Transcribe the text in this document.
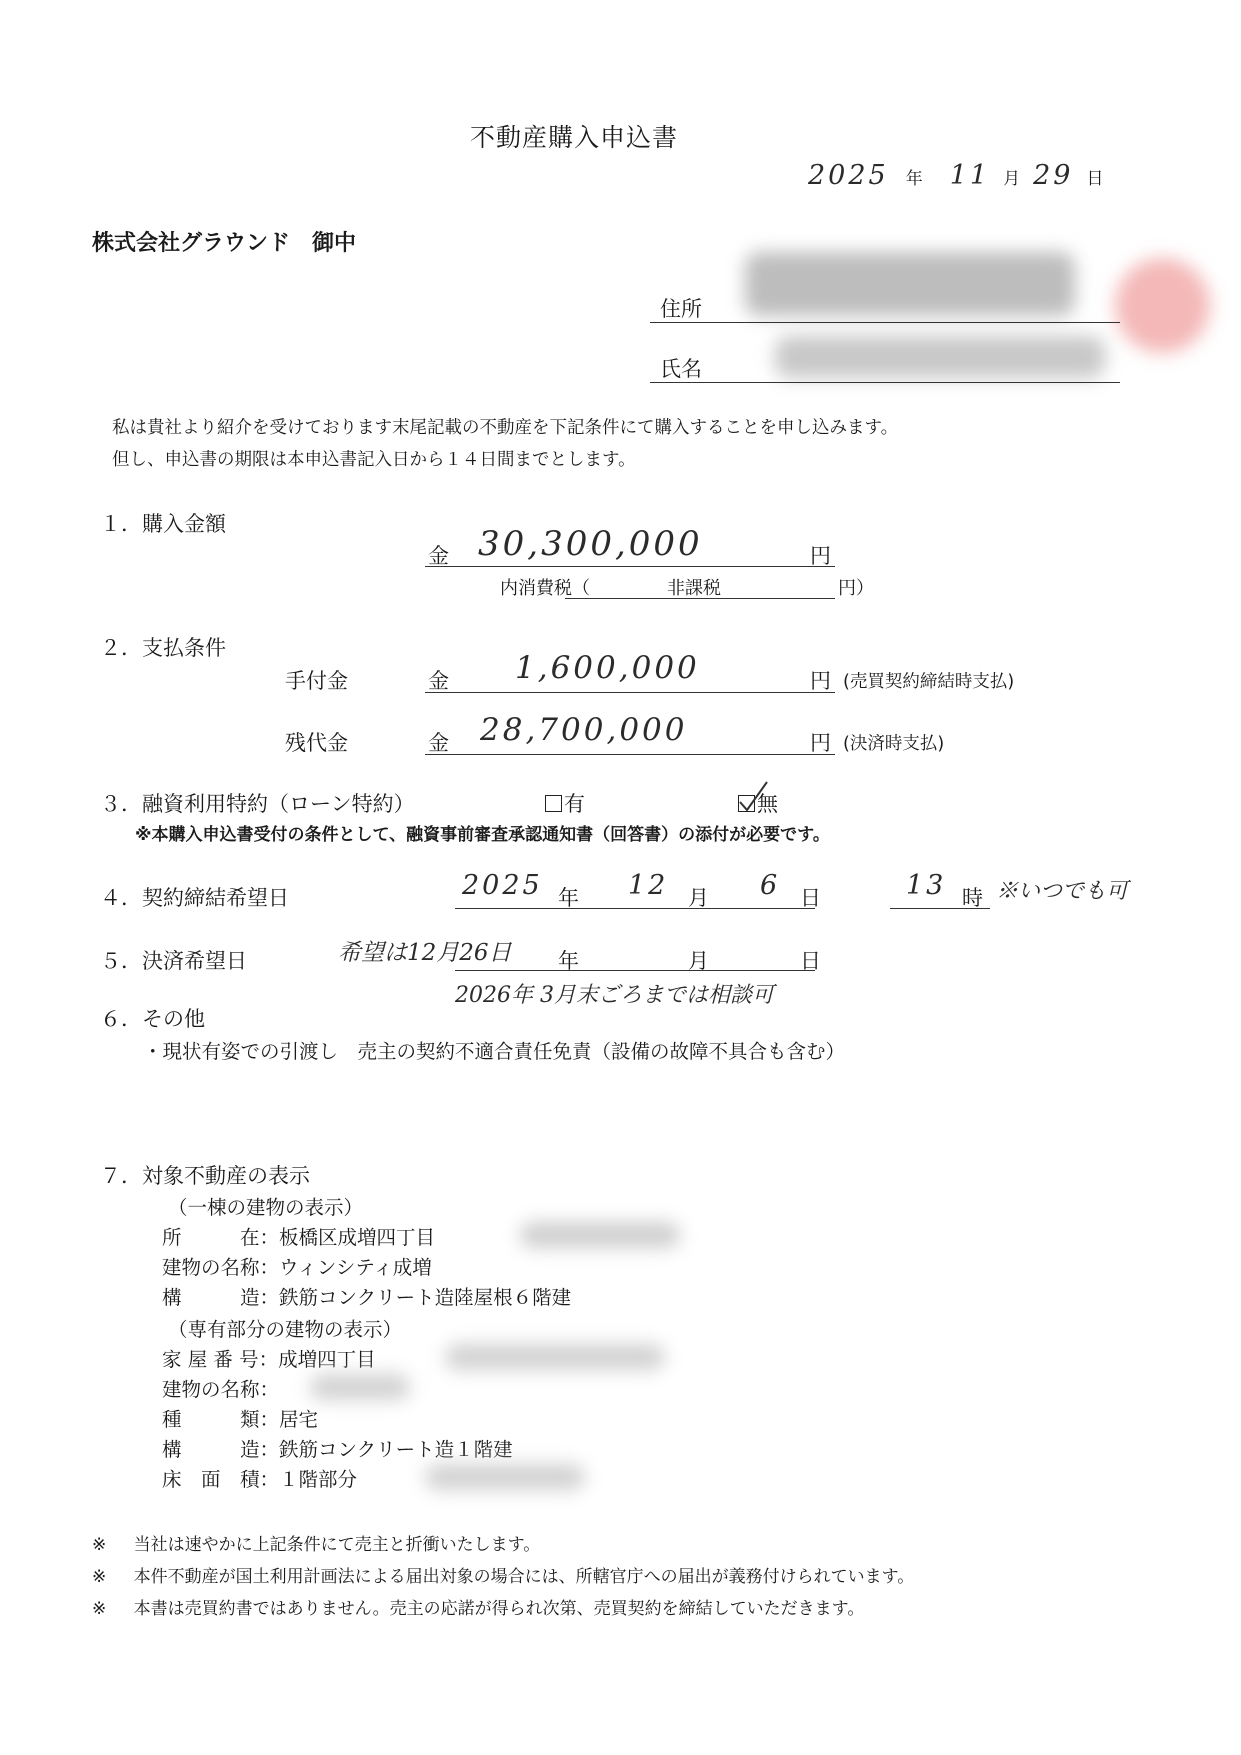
不動産購入申込書
2025 年 11 月 29 日
株式会社グラウンド　御中
住所
氏名
私は貴社より紹介を受けております末尾記載の不動産を下記条件にて購入することを申し込みます。
但し、申込書の期限は本申込書記入日から１４日間までとします。
１．購入金額
金 30,300,000	円
内消費税（	非課税	円）
２．支払条件
手付金	金 1,600,000	円 (売買契約締結時支払)
残代金	金 28,700,000	円 (決済時支払)
３．融資利用特約（ローン特約）	有	無
※本購入申込書受付の条件として、融資事前審査承認通知書（回答書）の添付が必要です。
４．契約締結希望日	2025 年 12 月 6 日	13 時 ※いつでも可
５．決済希望日	希望は12月26日 年	月	日
2026年 3月末ごろまでは相談可
６．その他
・現状有姿での引渡し　売主の契約不適合責任免責（設備の故障不具合も含む）
７．対象不動産の表示
（一棟の建物の表示）
所　　　在：板橋区成増四丁目
建物の名称：ウィンシティ成増
構　　　造：鉄筋コンクリート造陸屋根６階建
（専有部分の建物の表示）
家 屋 番 号：成増四丁目
建物の名称：
種　　　類：居宅
構　　　造：鉄筋コンクリート造１階建
床　面　積：１階部分
※ 当社は速やかに上記条件にて売主と折衝いたします。
※ 本件不動産が国土利用計画法による届出対象の場合には、所轄官庁への届出が義務付けられています。
※ 本書は売買約書ではありません。売主の応諾が得られ次第、売買契約を締結していただきます。
